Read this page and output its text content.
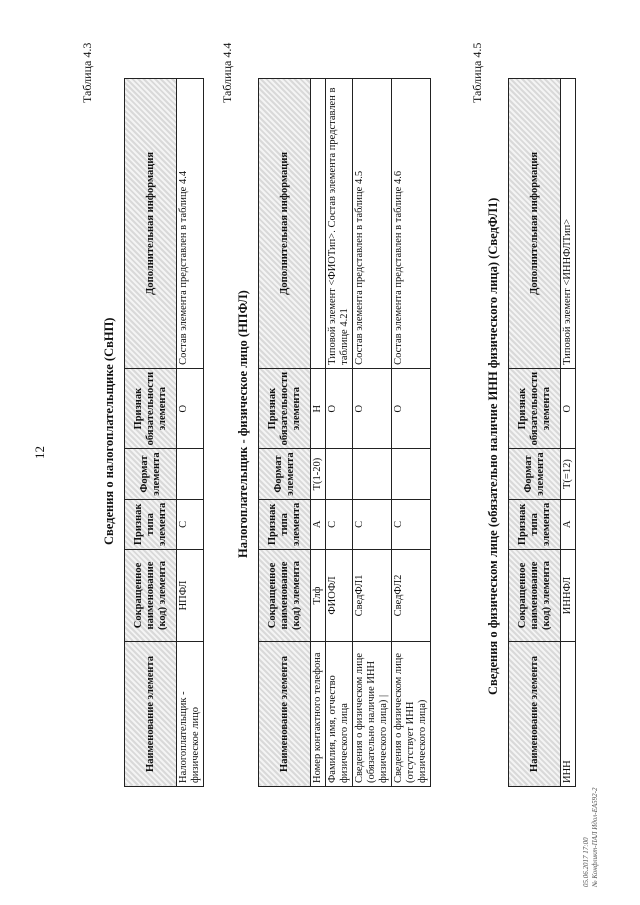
12
Таблица 4.3
Сведения о налогоплательщике (СвНП)
Наименование элемента	Сокращенное наименование (код) элемента	Признак типа элемента	Формат элемента	Признак обязательности элемента	Дополнительная информация
Налогоплательщик - физическое лицо	НПФЛ	С		О	Состав элемента представлен в таблице 4.4
Таблица 4.4
Налогоплательщик - физическое лицо (НПФЛ)
Наименование элемента	Сокращенное наименование (код) элемента	Признак типа элемента	Формат элемента	Признак обязательности элемента	Дополнительная информация
Номер контактного телефона	Тлф	А	T(1-20)	Н	
Фамилия, имя, отчество физического лица	ФИОФЛ	С		О	Типовой элемент <ФИОТип>. Состав элемента представлен в таблице 4.21
Сведения о физическом лице (обязательно наличие ИНН физического лица) |	СведФЛ1	С		О	Состав элемента представлен в таблице 4.5
Сведения о физическом лице (отсутствует ИНН физического лица)	СведФЛ2	С		О	Состав элемента представлен в таблице 4.6
Таблица 4.5
Сведения о физическом лице (обязательно наличие ИНН физического лица) (СведФЛ1)
Наименование элемента	Сокращенное наименование (код) элемента	Признак типа элемента	Формат элемента	Признак обязательности элемента	Дополнительная информация
ИНН	ИННФЛ	А	T(=12)	О	Типовой элемент <ИННФЛТип>
05.06.2017 17:00 № Конфликт-ПАЛ Идол-ЕА592-2
